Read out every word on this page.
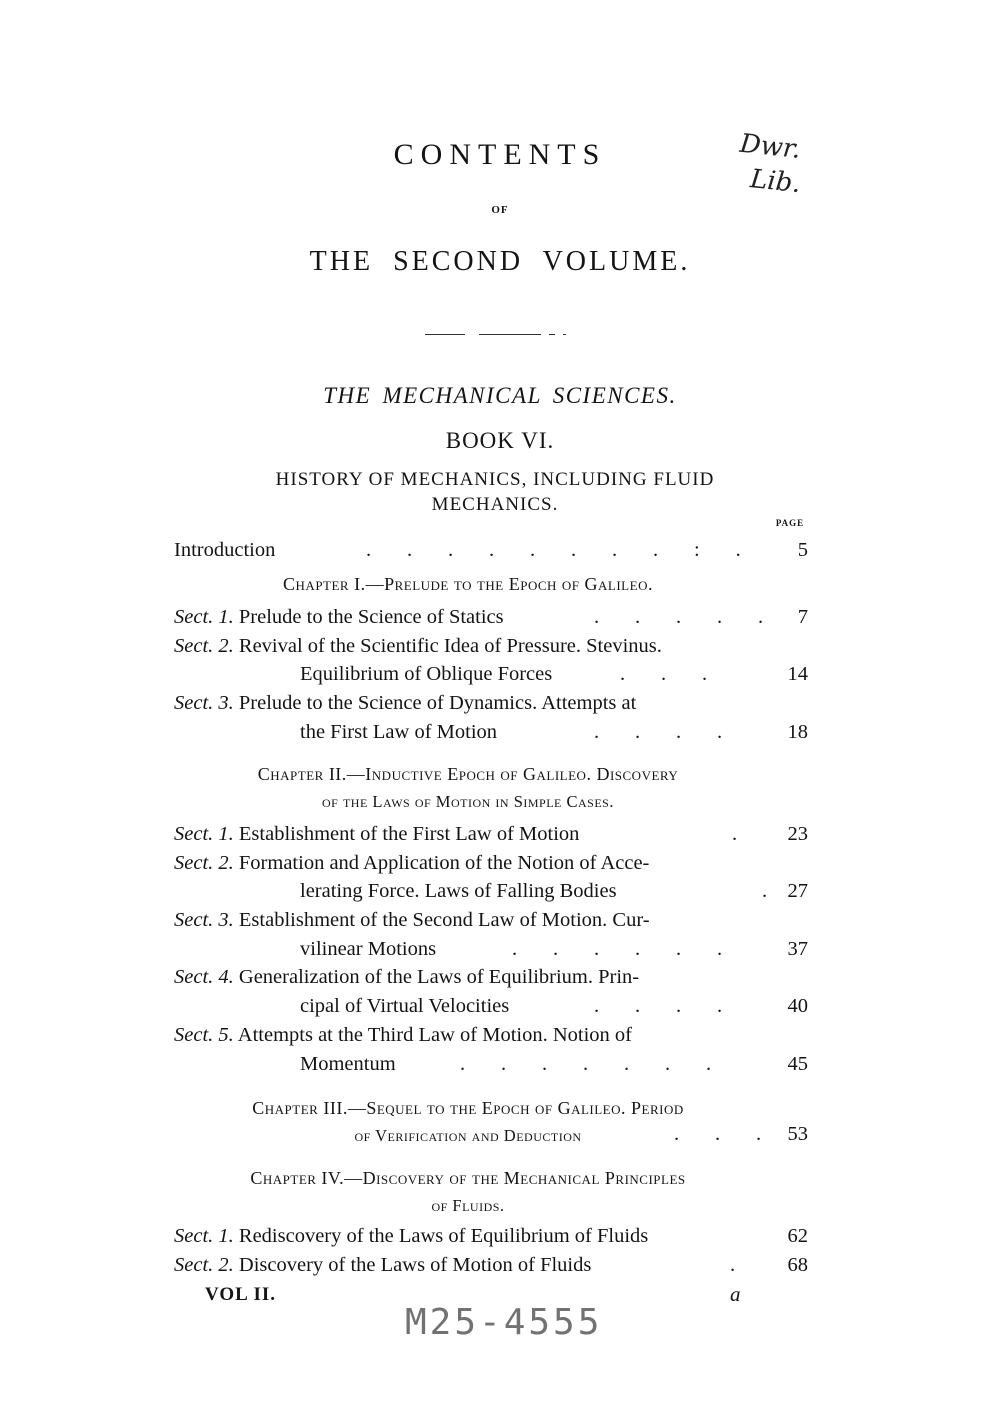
CONTENTS
OF
THE SECOND VOLUME.
Dwr.
Lib.
THE MECHANICAL SCIENCES.
BOOK VI.
HISTORY OF MECHANICS, INCLUDING FLUID
MECHANICS.
PAGE
Introduction	.       .       .       .       .       .       .       .       :       .	5
Chapter I.—Prelude to the Epoch of Galileo.
Sect. 1. Prelude to the Science of Statics	.       .       .       .       . 7
Sect. 2. Revival of the Scientific Idea of Pressure. Stevinus.
Equilibrium of Oblique Forces	.       .       .	14
Sect. 3. Prelude to the Science of Dynamics. Attempts at
the First Law of Motion	.       .       .       .	18
Chapter II.—Inductive Epoch of Galileo. Discovery
of the Laws of Motion in Simple Cases.
Sect. 1. Establishment of the First Law of Motion	. 23
Sect. 2. Formation and Application of the Notion of Acce-
lerating Force. Laws of Falling Bodies	. 27
Sect. 3. Establishment of the Second Law of Motion. Cur-
vilinear Motions	.       .       .       .       .       .	37
Sect. 4. Generalization of the Laws of Equilibrium. Prin-
cipal of Virtual Velocities	.       .       .       .	40
Sect. 5. Attempts at the Third Law of Motion. Notion of
Momentum	.       .       .       .       .       .       .	45
Chapter III.—Sequel to the Epoch of Galileo. Period
of Verification and Deduction	.       .       . 53
Chapter IV.—Discovery of the Mechanical Principles
of Fluids.
Sect. 1. Rediscovery of the Laws of Equilibrium of Fluids	62
Sect. 2. Discovery of the Laws of Motion of Fluids	.	68
VOL II.	a
M25-4555
